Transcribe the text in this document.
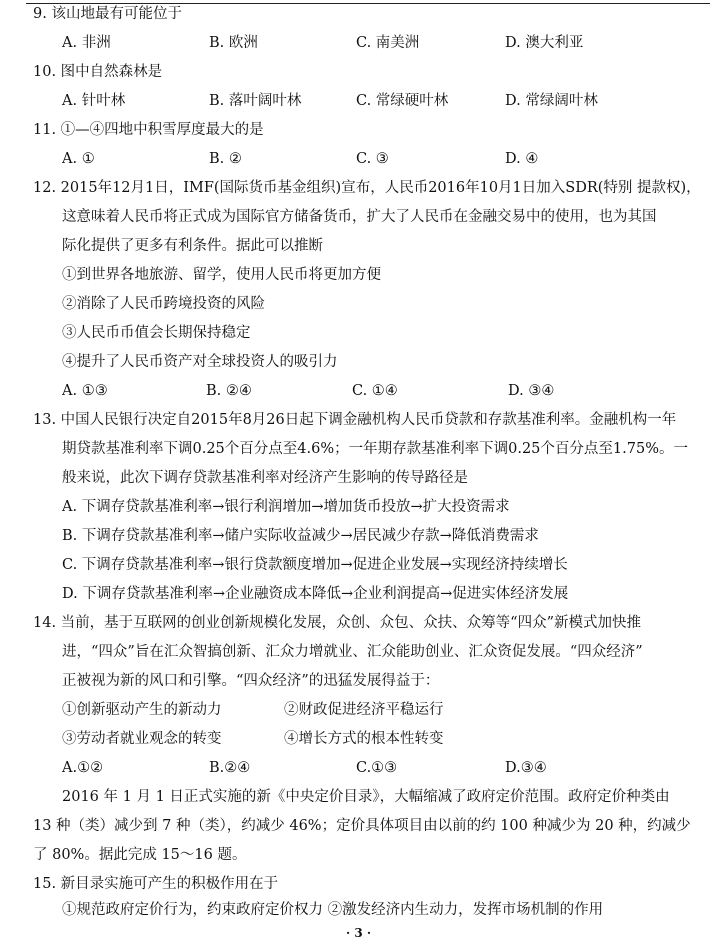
9. 该山地最有可能位于
A. 非洲	B. 欧洲	C. 南美洲	D. 澳大利亚
10. 图中自然森林是
A. 针叶林	B. 落叶阔叶林	C. 常绿硬叶林	D. 常绿阔叶林
11. ①—④四地中积雪厚度最大的是
A. ①	B. ②	C. ③	D. ④
12. 2015年12月1日，IMF(国际货币基金组织)宣布，人民币2016年10月1日加入SDR(特别 提款权)，
这意味着人民币将正式成为国际官方储备货币，扩大了人民币在金融交易中的使用，也为其国
际化提供了更多有利条件。据此可以推断
①到世界各地旅游、留学，使用人民币将更加方便
②消除了人民币跨境投资的风险
③人民币币值会长期保持稳定
④提升了人民币资产对全球投资人的吸引力
A. ①③	B. ②④	C. ①④	D. ③④
13. 中国人民银行决定自2015年8月26日起下调金融机构人民币贷款和存款基准利率。金融机构一年
期贷款基准利率下调0.25个百分点至4.6%；一年期存款基准利率下调0.25个百分点至1.75%。一
般来说，此次下调存贷款基准利率对经济产生影响的传导路径是
A. 下调存贷款基准利率→银行利润增加→增加货币投放→扩大投资需求
B. 下调存贷款基准利率→储户实际收益减少→居民减少存款→降低消费需求
C. 下调存贷款基准利率→银行贷款额度增加→促进企业发展→实现经济持续增长
D. 下调存贷款基准利率→企业融资成本降低→企业利润提高→促进实体经济发展
14. 当前，基于互联网的创业创新规模化发展，众创、众包、众扶、众筹等“四众”新模式加快推
进，“四众”旨在汇众智搞创新、汇众力增就业、汇众能助创业、汇众资促发展。“四众经济”
正被视为新的风口和引擎。“四众经济”的迅猛发展得益于：
①创新驱动产生的新动力	②财政促进经济平稳运行
③劳动者就业观念的转变	④增长方式的根本性转变
A.①②	B.②④	C.①③	D.③④
2016 年 1 月 1 日正式实施的新《中央定价目录》，大幅缩减了政府定价范围。政府定价种类由
13 种（类）减少到 7 种（类），约减少 46%；定价具体项目由以前的约 100 种减少为 20 种，约减少
了 80%。据此完成 15～16 题。
15. 新目录实施可产生的积极作用在于
①规范政府定价行为，约束政府定价权力 ②激发经济内生动力，发挥市场机制的作用
· 3 ·
